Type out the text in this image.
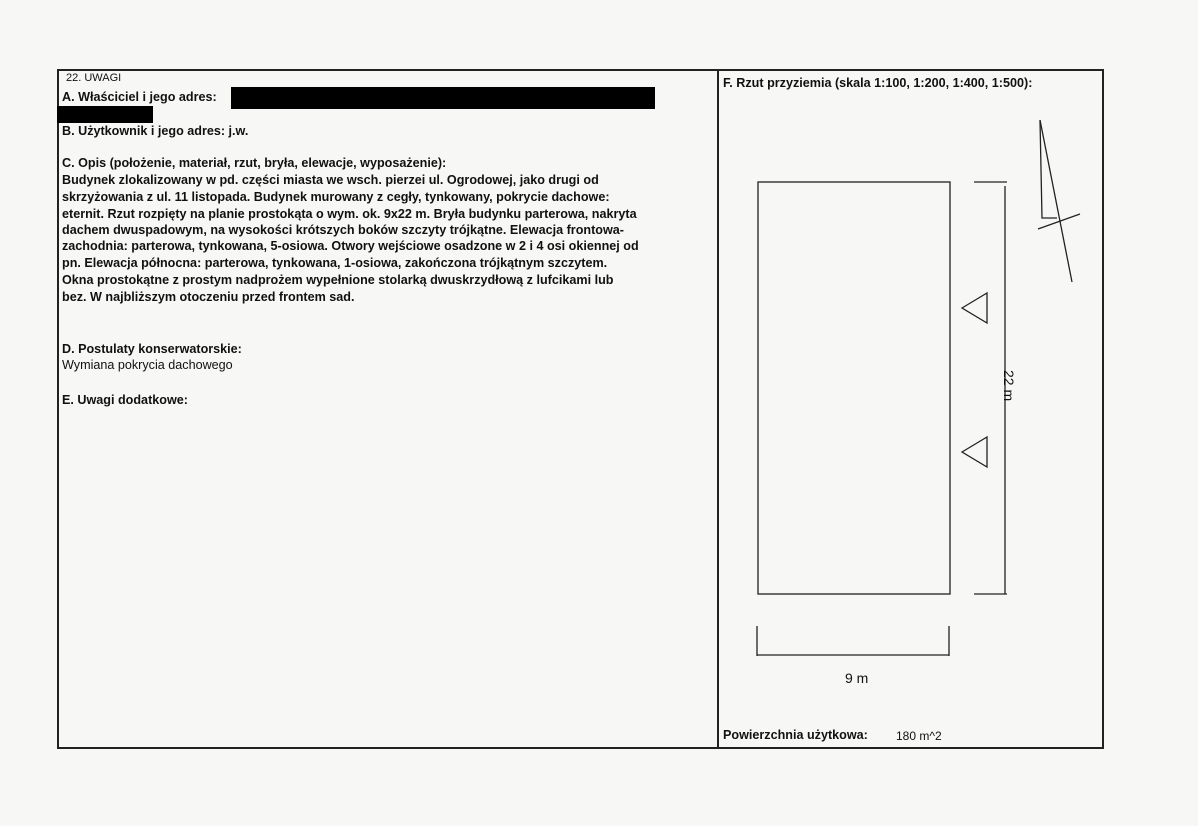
22. UWAGI
A. Właściciel i jego adres:
B. Użytkownik i jego adres: j.w.
C. Opis (położenie, materiał, rzut, bryła, elewacje, wyposażenie):
Budynek zlokalizowany w pd. części miasta we wsch. pierzei ul. Ogrodowej, jako drugi od
skrzyżowania z ul. 11 listopada. Budynek murowany z cegły, tynkowany, pokrycie dachowe:
eternit. Rzut rozpięty na planie prostokąta o wym. ok. 9x22 m. Bryła budynku parterowa, nakryta
dachem dwuspadowym, na wysokości krótszych boków szczyty trójkątne. Elewacja frontowa-
zachodnia: parterowa, tynkowana, 5-osiowa. Otwory wejściowe osadzone w 2 i 4 osi okiennej od
pn. Elewacja północna: parterowa, tynkowana, 1-osiowa, zakończona trójkątnym szczytem.
Okna prostokątne z prostym nadprożem wypełnione stolarką dwuskrzydłową z lufcikami lub
bez. W najbliższym otoczeniu przed frontem sad.
D. Postulaty konserwatorskie:
Wymiana pokrycia dachowego
E. Uwagi dodatkowe:
F. Rzut przyziemia (skala 1:100, 1:200, 1:400, 1:500):
22 m
9 m
Powierzchnia użytkowa: 180 m^2
